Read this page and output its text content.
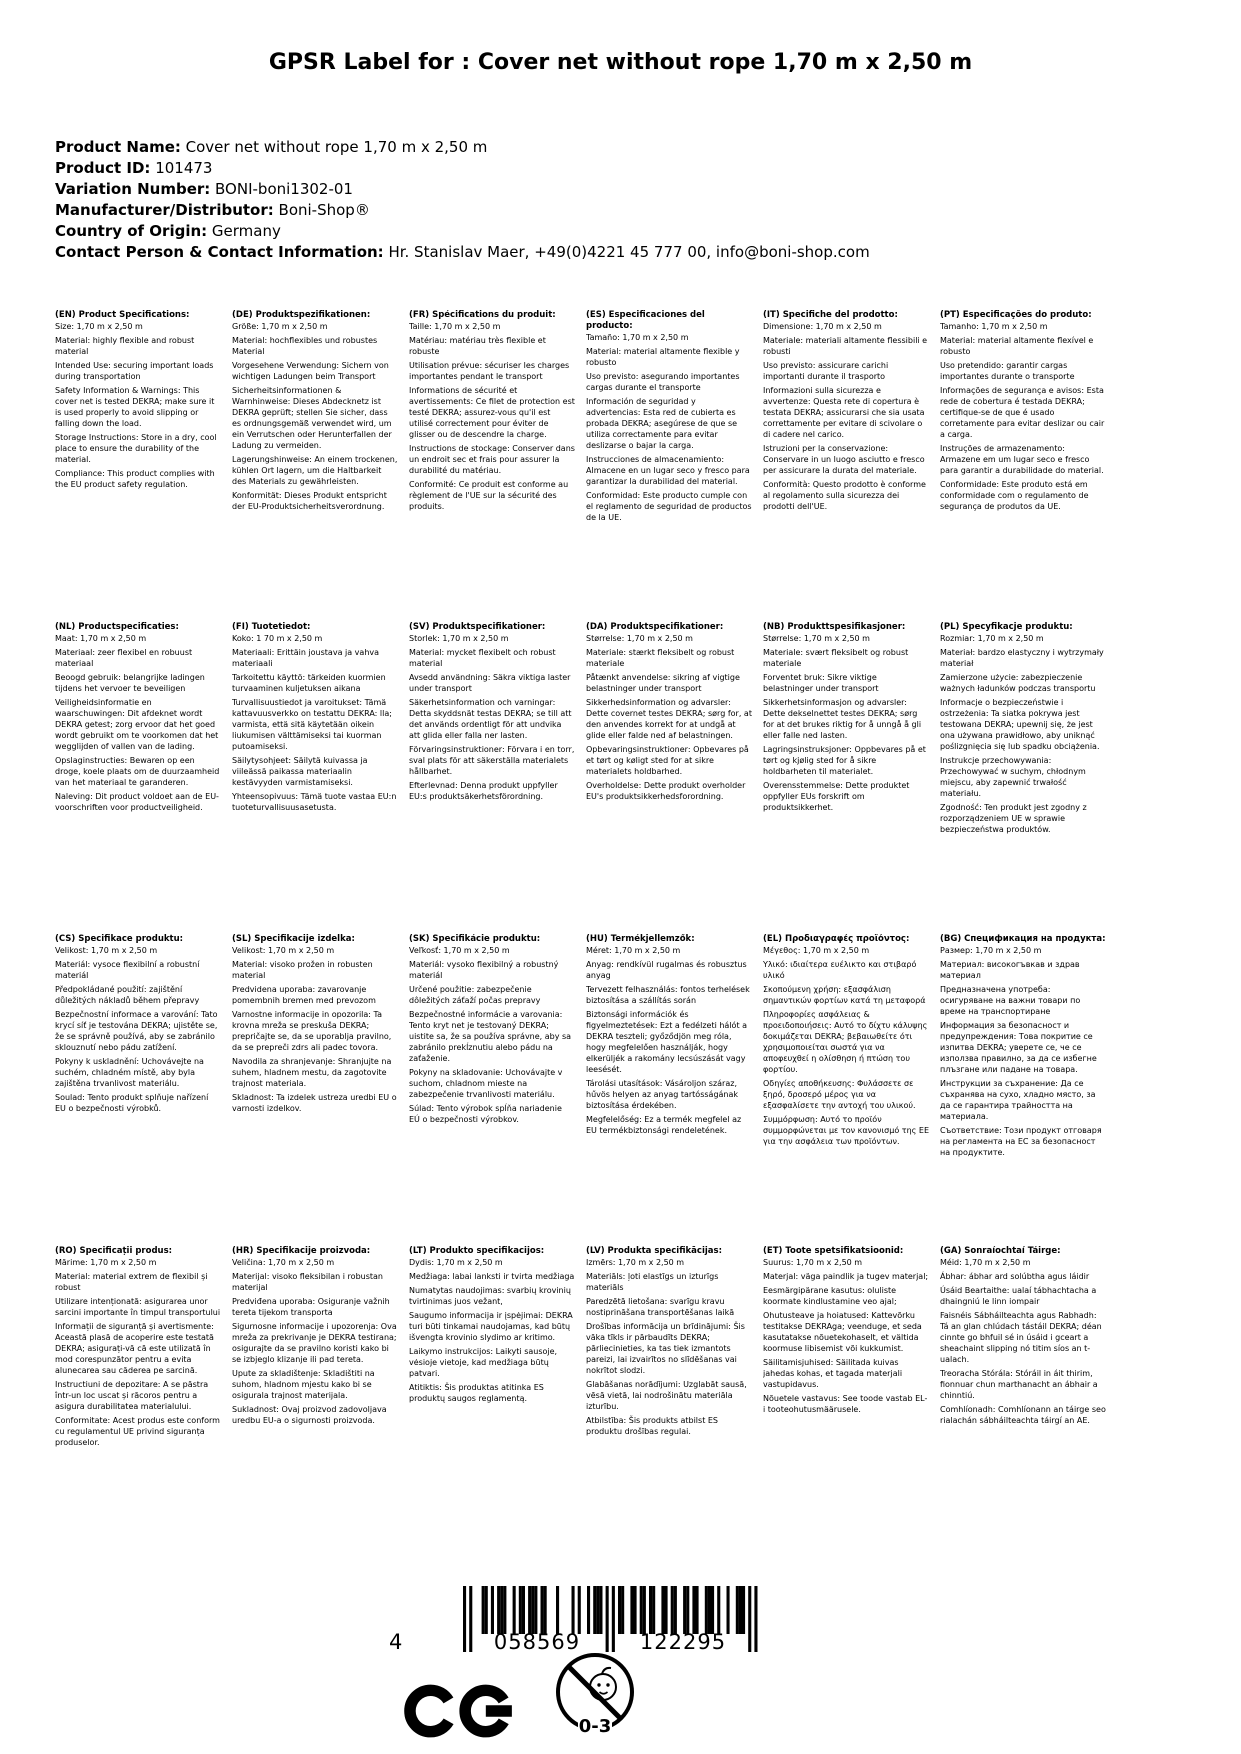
GPSR Label for : Cover net without rope 1,70 m x 2,50 m
Product Name: Cover net without rope 1,70 m x 2,50 m
Product ID: 101473
Variation Number: BONI-boni1302-01
Manufacturer/Distributor: Boni-Shop®
Country of Origin: Germany
Contact Person & Contact Information: Hr. Stanislav Maer, +49(0)4221 45 777 00, info@boni-shop.com
(EN) Product Specifications:

Size: 1,70 m x 2,50 m

Material: highly flexible and robust material

Intended Use: securing important loads during transportation

Safety Information & Warnings: This cover net is tested DEKRA; make sure it is used properly to avoid slipping or falling down the load.

Storage Instructions: Store in a dry, cool place to ensure the durability of the material.

Compliance: This product complies with the EU product safety regulation.

(DE) Produktspezifikationen:

Größe: 1,70 m x 2,50 m

Material: hochflexibles und robustes Material

Vorgesehene Verwendung: Sichern von wichtigen Ladungen beim Transport

Sicherheitsinformationen & Warnhinweise: Dieses Abdecknetz ist DEKRA geprüft; stellen Sie sicher, dass es ordnungsgemäß verwendet wird, um ein Verrutschen oder Herunterfallen der Ladung zu vermeiden.

Lagerungshinweise: An einem trockenen, kühlen Ort lagern, um die Haltbarkeit des Materials zu gewährleisten.

Konformität: Dieses Produkt entspricht der EU-Produktsicherheitsverordnung.

(FR) Spécifications du produit:

Taille: 1,70 m x 2,50 m

Matériau: matériau très flexible et robuste

Utilisation prévue: sécuriser les charges importantes pendant le transport

Informations de sécurité et avertissements: Ce filet de protection est testé DEKRA; assurez-vous qu'il est utilisé correctement pour éviter de glisser ou de descendre la charge.

Instructions de stockage: Conserver dans un endroit sec et frais pour assurer la durabilité du matériau.

Conformité: Ce produit est conforme au règlement de l'UE sur la sécurité des produits.

(ES) Especificaciones del producto:

Tamaño: 1,70 m x 2,50 m

Material: material altamente flexible y robusto

Uso previsto: asegurando importantes cargas durante el transporte

Información de seguridad y advertencias: Esta red de cubierta es probada DEKRA; asegúrese de que se utiliza correctamente para evitar deslizarse o bajar la carga.

Instrucciones de almacenamiento: Almacene en un lugar seco y fresco para garantizar la durabilidad del material.

Conformidad: Este producto cumple con el reglamento de seguridad de productos de la UE.

(IT) Specifiche del prodotto:

Dimensione: 1,70 m x 2,50 m

Materiale: materiali altamente flessibili e robusti

Uso previsto: assicurare carichi importanti durante il trasporto

Informazioni sulla sicurezza e avvertenze: Questa rete di copertura è testata DEKRA; assicurarsi che sia usata correttamente per evitare di scivolare o di cadere nel carico.

Istruzioni per la conservazione: Conservare in un luogo asciutto e fresco per assicurare la durata del materiale.

Conformità: Questo prodotto è conforme al regolamento sulla sicurezza dei prodotti dell'UE.

(PT) Especificações do produto:

Tamanho: 1,70 m x 2,50 m

Material: material altamente flexível e robusto

Uso pretendido: garantir cargas importantes durante o transporte

Informações de segurança e avisos: Esta rede de cobertura é testada DEKRA; certifique-se de que é usado corretamente para evitar deslizar ou cair a carga.

Instruções de armazenamento: Armazene em um lugar seco e fresco para garantir a durabilidade do material.

Conformidade: Este produto está em conformidade com o regulamento de segurança de produtos da UE.

(NL) Productspecificaties:

Maat: 1,70 m x 2,50 m

Materiaal: zeer flexibel en robuust materiaal

Beoogd gebruik: belangrijke ladingen tijdens het vervoer te beveiligen

Veiligheidsinformatie en waarschuwingen: Dit afdeknet wordt DEKRA getest; zorg ervoor dat het goed wordt gebruikt om te voorkomen dat het wegglijden of vallen van de lading.

Opslaginstructies: Bewaren op een droge, koele plaats om de duurzaamheid van het materiaal te garanderen.

Naleving: Dit product voldoet aan de EU-voorschriften voor productveiligheid.

(FI) Tuotetiedot:

Koko: 1 70 m x 2,50 m

Materiaali: Erittäin joustava ja vahva materiaali

Tarkoitettu käyttö: tärkeiden kuormien turvaaminen kuljetuksen aikana

Turvallisuustiedot ja varoitukset: Tämä kattavuusverkko on testattu DEKRA: lla; varmista, että sitä käytetään oikein liukumisen välttämiseksi tai kuorman putoamiseksi.

Säilytysohjeet: Säilytä kuivassa ja viileässä paikassa materiaalin kestävyyden varmistamiseksi.

Yhteensopivuus: Tämä tuote vastaa EU:n tuoteturvallisuusasetusta.

(SV) Produktspecifikationer:

Storlek: 1,70 m x 2,50 m

Material: mycket flexibelt och robust material

Avsedd användning: Säkra viktiga laster under transport

Säkerhetsinformation och varningar: Detta skyddsnät testas DEKRA; se till att det används ordentligt för att undvika att glida eller falla ner lasten.

Förvaringsinstruktioner: Förvara i en torr, sval plats för att säkerställa materialets hållbarhet.

Efterlevnad: Denna produkt uppfyller EU:s produktsäkerhetsförordning.

(DA) Produktspecifikationer:

Størrelse: 1,70 m x 2,50 m

Materiale: stærkt fleksibelt og robust materiale

Påtænkt anvendelse: sikring af vigtige belastninger under transport

Sikkerhedsinformation og advarsler: Dette covernet testes DEKRA; sørg for, at den anvendes korrekt for at undgå at glide eller falde ned af belastningen.

Opbevaringsinstruktioner: Opbevares på et tørt og køligt sted for at sikre materialets holdbarhed.

Overholdelse: Dette produkt overholder EU's produktsikkerhedsforordning.

(NB) Produkttspesifikasjoner:

Størrelse: 1,70 m x 2,50 m

Materiale: svært fleksibelt og robust materiale

Forventet bruk: Sikre viktige belastninger under transport

Sikkerhetsinformasjon og advarsler: Dette dekselnettet testes DEKRA; sørg for at det brukes riktig for å unngå å gli eller falle ned lasten.

Lagringsinstruksjoner: Oppbevares på et tørt og kjølig sted for å sikre holdbarheten til materialet.

Overensstemmelse: Dette produktet oppfyller EUs forskrift om produktsikkerhet.

(PL) Specyfikacje produktu:

Rozmiar: 1,70 m x 2,50 m

Materiał: bardzo elastyczny i wytrzymały materiał

Zamierzone użycie: zabezpieczenie ważnych ładunków podczas transportu

Informacje o bezpieczeństwie i ostrzeżenia: Ta siatka pokrywa jest testowana DEKRA; upewnij się, że jest ona używana prawidłowo, aby uniknąć poślizgnięcia się lub spadku obciążenia.

Instrukcje przechowywania: Przechowywać w suchym, chłodnym miejscu, aby zapewnić trwałość materiału.

Zgodność: Ten produkt jest zgodny z rozporządzeniem UE w sprawie bezpieczeństwa produktów.

(CS) Specifikace produktu:

Velikost: 1,70 m x 2,50 m

Materiál: vysoce flexibilní a robustní materiál

Předpokládané použití: zajištění důležitých nákladů během přepravy

Bezpečnostní informace a varování: Tato krycí síť je testována DEKRA; ujistěte se, že se správně používá, aby se zabránilo sklouznutí nebo pádu zatížení.

Pokyny k uskladnění: Uchovávejte na suchém, chladném místě, aby byla zajištěna trvanlivost materiálu.

Soulad: Tento produkt splňuje nařízení EU o bezpečnosti výrobků.

(SL) Specifikacije izdelka:

Velikost: 1,70 m x 2,50 m

Material: visoko prožen in robusten material

Predvidena uporaba: zavarovanje pomembnih bremen med prevozom

Varnostne informacije in opozorila: Ta krovna mreža se preskuša DEKRA; prepričajte se, da se uporablja pravilno, da se prepreči zdrs ali padec tovora.

Navodila za shranjevanje: Shranjujte na suhem, hladnem mestu, da zagotovite trajnost materiala.

Skladnost: Ta izdelek ustreza uredbi EU o varnosti izdelkov.

(SK) Špecifikácie produktu:

Veľkosť: 1,70 m x 2,50 m

Materiál: vysoko flexibilný a robustný materiál

Určené použitie: zabezpečenie dôležitých záťaží počas prepravy

Bezpečnostné informácie a varovania: Tento kryt net je testovaný DEKRA; uistite sa, že sa používa správne, aby sa zabránilo prekĺznutiu alebo pádu na zaťaženie.

Pokyny na skladovanie: Uchovávajte v suchom, chladnom mieste na zabezpečenie trvanlivosti materiálu.

Súlad: Tento výrobok spĺňa nariadenie EÚ o bezpečnosti výrobkov.

(HU) Termékjellemzők:

Méret: 1,70 m x 2,50 m

Anyag: rendkívül rugalmas és robusztus anyag

Tervezett felhasználás: fontos terhelések biztosítása a szállítás során

Biztonsági információk és figyelmeztetések: Ezt a fedélzeti hálót a DEKRA teszteli; győződjön meg róla, hogy megfelelően használják, hogy elkerüljék a rakomány lecsúszását vagy leesését.

Tárolási utasítások: Vásároljon száraz, hűvös helyen az anyag tartósságának biztosítása érdekében.

Megfelelőség: Ez a termék megfelel az EU termékbiztonsági rendeletének.

(EL) Προδιαγραφές προϊόντος:

Μέγεθος: 1,70 m x 2,50 m

Υλικό: ιδιαίτερα ευέλικτο και στιβαρό υλικό

Σκοπούμενη χρήση: εξασφάλιση σημαντικών φορτίων κατά τη μεταφορά

Πληροφορίες ασφάλειας & προειδοποιήσεις: Αυτό το δίχτυ κάλυψης δοκιμάζεται DEKRA; βεβαιωθείτε ότι χρησιμοποιείται σωστά για να αποφευχθεί η ολίσθηση ή πτώση του φορτίου.

Οδηγίες αποθήκευσης: Φυλάσσετε σε ξηρό, δροσερό μέρος για να εξασφαλίσετε την αντοχή του υλικού.

Συμμόρφωση: Αυτό το προϊόν συμμορφώνεται με τον κανονισμό της ΕΕ για την ασφάλεια των προϊόντων.

(BG) Спецификация на продукта:

Размер: 1,70 m x 2,50 m

Материал: високогъвкав и здрав материал

Предназначена употреба: осигуряване на важни товари по време на транспортиране

Информация за безопасност и предупреждения: Това покритие се изпитва DEKRA; уверете се, че се използва правилно, за да се избегне плъзгане или падане на товара.

Инструкции за съхранение: Да се съхранява на сухо, хладно място, за да се гарантира трайността на материала.

Съответствие: Този продукт отговаря на регламента на ЕС за безопасност на продуктите.

(RO) Specificații produs:

Mărime: 1,70 m x 2,50 m

Material: material extrem de flexibil și robust

Utilizare intenționată: asigurarea unor sarcini importante în timpul transportului

Informații de siguranță și avertismente: Această plasă de acoperire este testată DEKRA; asigurați-vă că este utilizată în mod corespunzător pentru a evita alunecarea sau căderea pe sarcină.

Instructiuni de depozitare: A se păstra într-un loc uscat și răcoros pentru a asigura durabilitatea materialului.

Conformitate: Acest produs este conform cu regulamentul UE privind siguranța produselor.

(HR) Specifikacije proizvoda:

Veličina: 1,70 m x 2,50 m

Materijal: visoko fleksibilan i robustan materijal

Predviđena uporaba: Osiguranje važnih tereta tijekom transporta

Sigurnosne informacije i upozorenja: Ova mreža za prekrivanje je DEKRA testirana; osigurajte da se pravilno koristi kako bi se izbjeglo klizanje ili pad tereta.

Upute za skladištenje: Skladištiti na suhom, hladnom mjestu kako bi se osigurala trajnost materijala.

Sukladnost: Ovaj proizvod zadovoljava uredbu EU-a o sigurnosti proizvoda.

(LT) Produkto specifikacijos:

Dydis: 1,70 m x 2,50 m

Medžiaga: labai lanksti ir tvirta medžiaga

Numatytas naudojimas: svarbių krovinių tvirtinimas juos vežant,

Saugumo informacija ir įspėjimai: DEKRA turi būti tinkamai naudojamas, kad būtų išvengta krovinio slydimo ar kritimo.

Laikymo instrukcijos: Laikyti sausoje, vėsioje vietoje, kad medžiaga būtų patvari.

Atitiktis: Šis produktas atitinka ES produktų saugos reglamentą.

(LV) Produkta specifikācijas:

Izmērs: 1,70 m x 2,50 m

Materiāls: ļoti elastīgs un izturīgs materiāls

Paredzētā lietošana: svarīgu kravu nostiprināšana transportēšanas laikā

Drošības informācija un brīdinājumi: Šis vāka tīkls ir pārbaudīts DEKRA; pārliecinieties, ka tas tiek izmantots pareizi, lai izvairītos no slīdēšanas vai nokrītot slodzi.

Glabāšanas norādījumi: Uzglabāt sausā, vēsā vietā, lai nodrošinātu materiāla izturību.

Atbilstība: Šis produkts atbilst ES produktu drošības regulai.

(ET) Toote spetsifikatsioonid:

Suurus: 1,70 m x 2,50 m

Materjal: väga paindlik ja tugev materjal;

Eesmärgipärane kasutus: oluliste koormate kindlustamine veo ajal;

Ohutusteave ja hoiatused: Kattevõrku testitakse DEKRAga; veenduge, et seda kasutatakse nõuetekohaselt, et vältida koormuse libisemist või kukkumist.

Säilitamisjuhised: Säilitada kuivas jahedas kohas, et tagada materjali vastupidavus.

Nõuetele vastavus: See toode vastab EL-i tooteohutusmäärusele.

(GA) Sonraíochtaí Táirge:

Méid: 1,70 m x 2,50 m

Ábhar: ábhar ard solúbtha agus láidir

Úsáid Beartaithe: ualaí tábhachtacha a dhaingniú le linn iompair

Faisnéis Sábháilteachta agus Rabhadh: Tá an glan chlúdach tástáil DEKRA; déan cinnte go bhfuil sé in úsáid i gceart a sheachaint slipping nó titim síos an t-ualach.

Treoracha Stórála: Stóráil in áit thirim, fionnuar chun marthanacht an ábhair a chinntiú.

Comhlíonadh: Comhlíonann an táirge seo rialachán sábháilteachta táirgí an AE.

4	058569	122295
0-3
